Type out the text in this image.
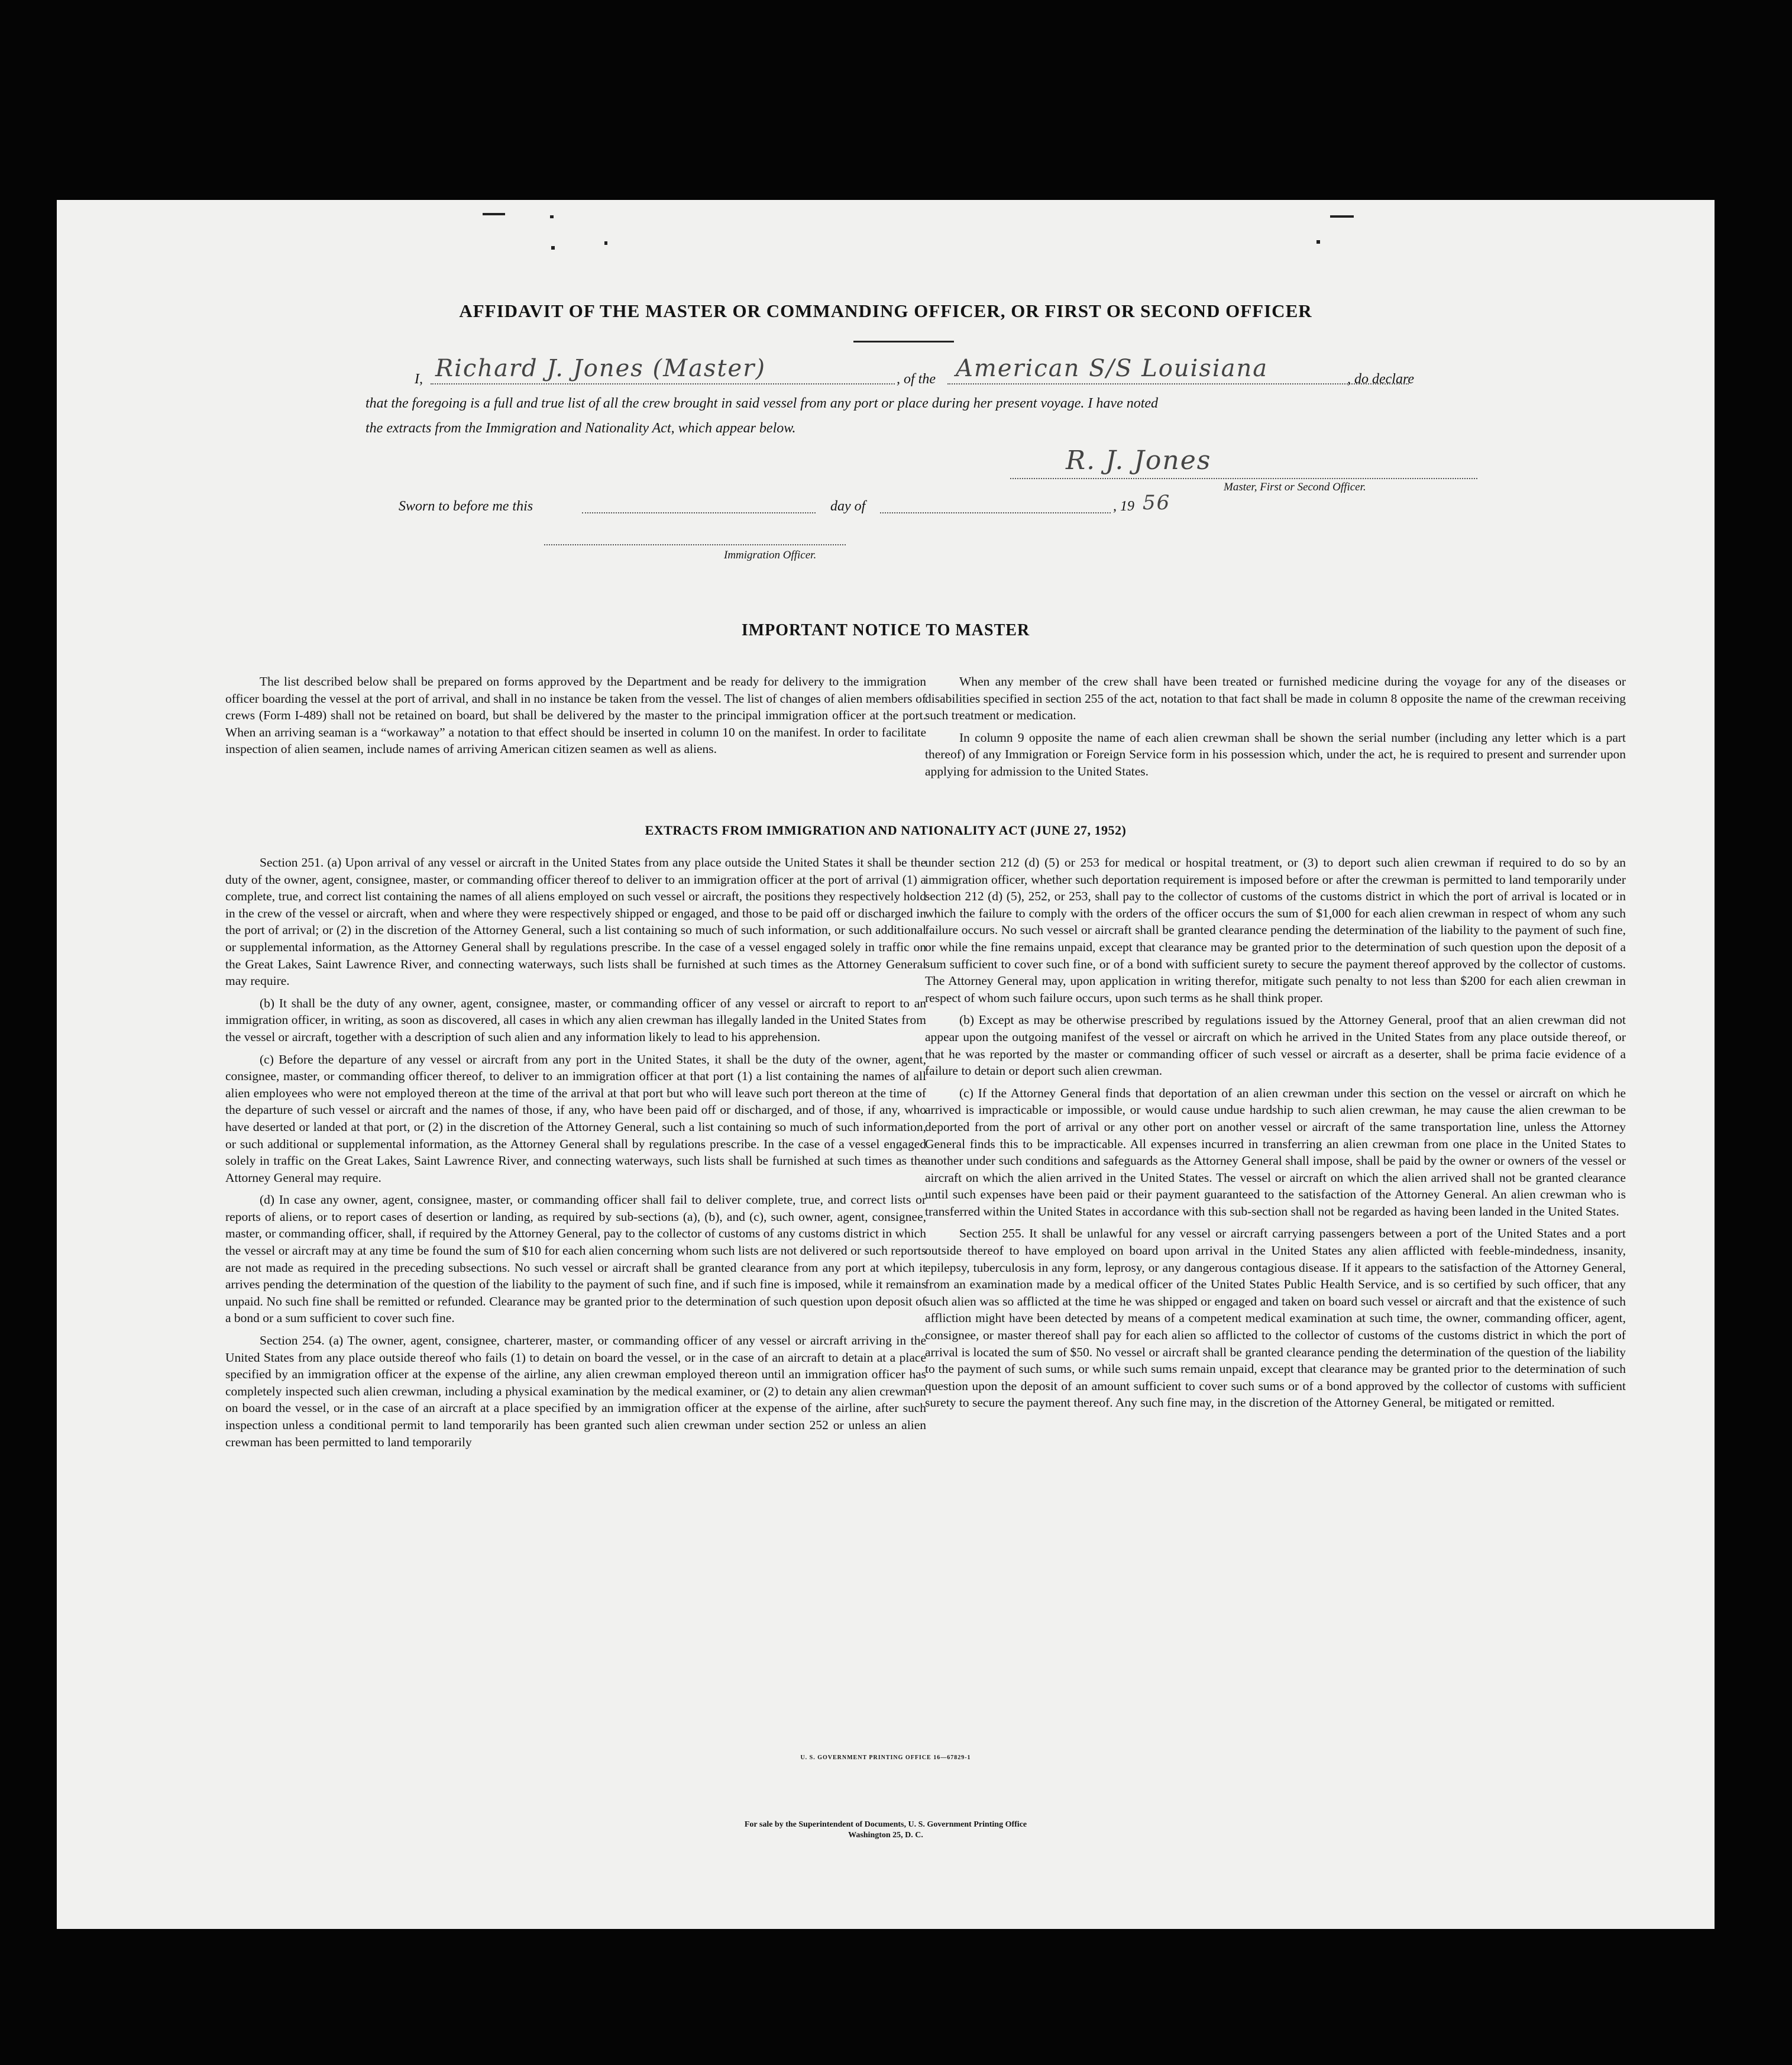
AFFIDAVIT OF THE MASTER OR COMMANDING OFFICER, OR FIRST OR SECOND OFFICER
I, Richard J. Jones (Master)	, of the American S/S Louisiana	, do declare
that the foregoing is a full and true list of all the crew brought in said vessel from any port or place during her present voyage. I have noted
the extracts from the Immigration and Nationality Act, which appear below.
R. J. Jones
Master, First or Second Officer.
Sworn to before me this	day of	, 19 56
Immigration Officer.
IMPORTANT NOTICE TO MASTER

The list described below shall be prepared on forms approved by the Department and be ready for delivery to the immigration officer boarding the vessel at the port of arrival, and shall in no instance be taken from the vessel. The list of changes of alien members of crews (Form I-489) shall not be retained on board, but shall be delivered by the master to the principal immigration officer at the port. When an arriving seaman is a “workaway” a notation to that effect should be inserted in column 10 on the manifest. In order to facilitate inspection of alien seamen, include names of arriving American citizen seamen as well as aliens.

When any member of the crew shall have been treated or furnished medicine during the voyage for any of the diseases or disabilities specified in section 255 of the act, notation to that fact shall be made in column 8 opposite the name of the crewman receiving such treatment or medication.

In column 9 opposite the name of each alien crewman shall be shown the serial number (including any letter which is a part thereof) of any Immigration or Foreign Service form in his possession which, under the act, he is required to present and surrender upon applying for admission to the United States.

EXTRACTS FROM IMMIGRATION AND NATIONALITY ACT (JUNE 27, 1952)

Section 251. (a) Upon arrival of any vessel or aircraft in the United States from any place outside the United States it shall be the duty of the owner, agent, consignee, master, or commanding officer thereof to deliver to an immigration officer at the port of arrival (1) a complete, true, and correct list containing the names of all aliens employed on such vessel or aircraft, the positions they respectively hold in the crew of the vessel or aircraft, when and where they were respectively shipped or engaged, and those to be paid off or discharged in the port of arrival; or (2) in the discretion of the Attorney General, such a list containing so much of such information, or such additional or supplemental information, as the Attorney General shall by regulations prescribe. In the case of a vessel engaged solely in traffic on the Great Lakes, Saint Lawrence River, and connecting waterways, such lists shall be furnished at such times as the Attorney General may require.

(b) It shall be the duty of any owner, agent, consignee, master, or commanding officer of any vessel or aircraft to report to an immigration officer, in writing, as soon as discovered, all cases in which any alien crewman has illegally landed in the United States from the vessel or aircraft, together with a description of such alien and any information likely to lead to his apprehension.

(c) Before the departure of any vessel or aircraft from any port in the United States, it shall be the duty of the owner, agent, consignee, master, or commanding officer thereof, to deliver to an immigration officer at that port (1) a list containing the names of all alien employees who were not employed thereon at the time of the arrival at that port but who will leave such port thereon at the time of the departure of such vessel or aircraft and the names of those, if any, who have been paid off or discharged, and of those, if any, who have deserted or landed at that port, or (2) in the discretion of the Attorney General, such a list containing so much of such information, or such additional or supplemental information, as the Attorney General shall by regulations prescribe. In the case of a vessel engaged solely in traffic on the Great Lakes, Saint Lawrence River, and connecting waterways, such lists shall be furnished at such times as the Attorney General may require.

(d) In case any owner, agent, consignee, master, or commanding officer shall fail to deliver complete, true, and correct lists or reports of aliens, or to report cases of desertion or landing, as required by sub-sections (a), (b), and (c), such owner, agent, consignee, master, or commanding officer, shall, if required by the Attorney General, pay to the collector of customs of any customs district in which the vessel or aircraft may at any time be found the sum of $10 for each alien concerning whom such lists are not delivered or such reports are not made as required in the preceding subsections. No such vessel or aircraft shall be granted clearance from any port at which it arrives pending the determination of the question of the liability to the payment of such fine, and if such fine is imposed, while it remains unpaid. No such fine shall be remitted or refunded. Clearance may be granted prior to the determination of such question upon deposit of a bond or a sum sufficient to cover such fine.

Section 254. (a) The owner, agent, consignee, charterer, master, or commanding officer of any vessel or aircraft arriving in the United States from any place outside thereof who fails (1) to detain on board the vessel, or in the case of an aircraft to detain at a place specified by an immigration officer at the expense of the airline, any alien crewman employed thereon until an immigration officer has completely inspected such alien crewman, including a physical examination by the medical examiner, or (2) to detain any alien crewman on board the vessel, or in the case of an aircraft at a place specified by an immigration officer at the expense of the airline, after such inspection unless a conditional permit to land temporarily has been granted such alien crewman under section 252 or unless an alien crewman has been permitted to land temporarily

under section 212 (d) (5) or 253 for medical or hospital treatment, or (3) to deport such alien crewman if required to do so by an immigration officer, whether such deportation requirement is imposed before or after the crewman is permitted to land temporarily under section 212 (d) (5), 252, or 253, shall pay to the collector of customs of the customs district in which the port of arrival is located or in which the failure to comply with the orders of the officer occurs the sum of $1,000 for each alien crewman in respect of whom any such failure occurs. No such vessel or aircraft shall be granted clearance pending the determination of the liability to the payment of such fine, or while the fine remains unpaid, except that clearance may be granted prior to the determination of such question upon the deposit of a sum sufficient to cover such fine, or of a bond with sufficient surety to secure the payment thereof approved by the collector of customs. The Attorney General may, upon application in writing therefor, mitigate such penalty to not less than $200 for each alien crewman in respect of whom such failure occurs, upon such terms as he shall think proper.

(b) Except as may be otherwise prescribed by regulations issued by the Attorney General, proof that an alien crewman did not appear upon the outgoing manifest of the vessel or aircraft on which he arrived in the United States from any place outside thereof, or that he was reported by the master or commanding officer of such vessel or aircraft as a deserter, shall be prima facie evidence of a failure to detain or deport such alien crewman.

(c) If the Attorney General finds that deportation of an alien crewman under this section on the vessel or aircraft on which he arrived is impracticable or impossible, or would cause undue hardship to such alien crewman, he may cause the alien crewman to be deported from the port of arrival or any other port on another vessel or aircraft of the same transportation line, unless the Attorney General finds this to be impracticable. All expenses incurred in transferring an alien crewman from one place in the United States to another under such conditions and safeguards as the Attorney General shall impose, shall be paid by the owner or owners of the vessel or aircraft on which the alien arrived in the United States. The vessel or aircraft on which the alien arrived shall not be granted clearance until such expenses have been paid or their payment guaranteed to the satisfaction of the Attorney General. An alien crewman who is transferred within the United States in accordance with this sub-section shall not be regarded as having been landed in the United States.

Section 255. It shall be unlawful for any vessel or aircraft carrying passengers between a port of the United States and a port outside thereof to have employed on board upon arrival in the United States any alien afflicted with feeble-mindedness, insanity, epilepsy, tuberculosis in any form, leprosy, or any dangerous contagious disease. If it appears to the satisfaction of the Attorney General, from an examination made by a medical officer of the United States Public Health Service, and is so certified by such officer, that any such alien was so afflicted at the time he was shipped or engaged and taken on board such vessel or aircraft and that the existence of such affliction might have been detected by means of a competent medical examination at such time, the owner, commanding officer, agent, consignee, or master thereof shall pay for each alien so afflicted to the collector of customs of the customs district in which the port of arrival is located the sum of $50. No vessel or aircraft shall be granted clearance pending the determination of the question of the liability to the payment of such sums, or while such sums remain unpaid, except that clearance may be granted prior to the determination of such question upon the deposit of an amount sufficient to cover such sums or of a bond approved by the collector of customs with sufficient surety to secure the payment thereof. Any such fine may, in the discretion of the Attorney General, be mitigated or remitted.

U. S. GOVERNMENT PRINTING OFFICE 16—67829-1
For sale by the Superintendent of Documents, U. S. Government Printing Office
Washington 25, D. C.
